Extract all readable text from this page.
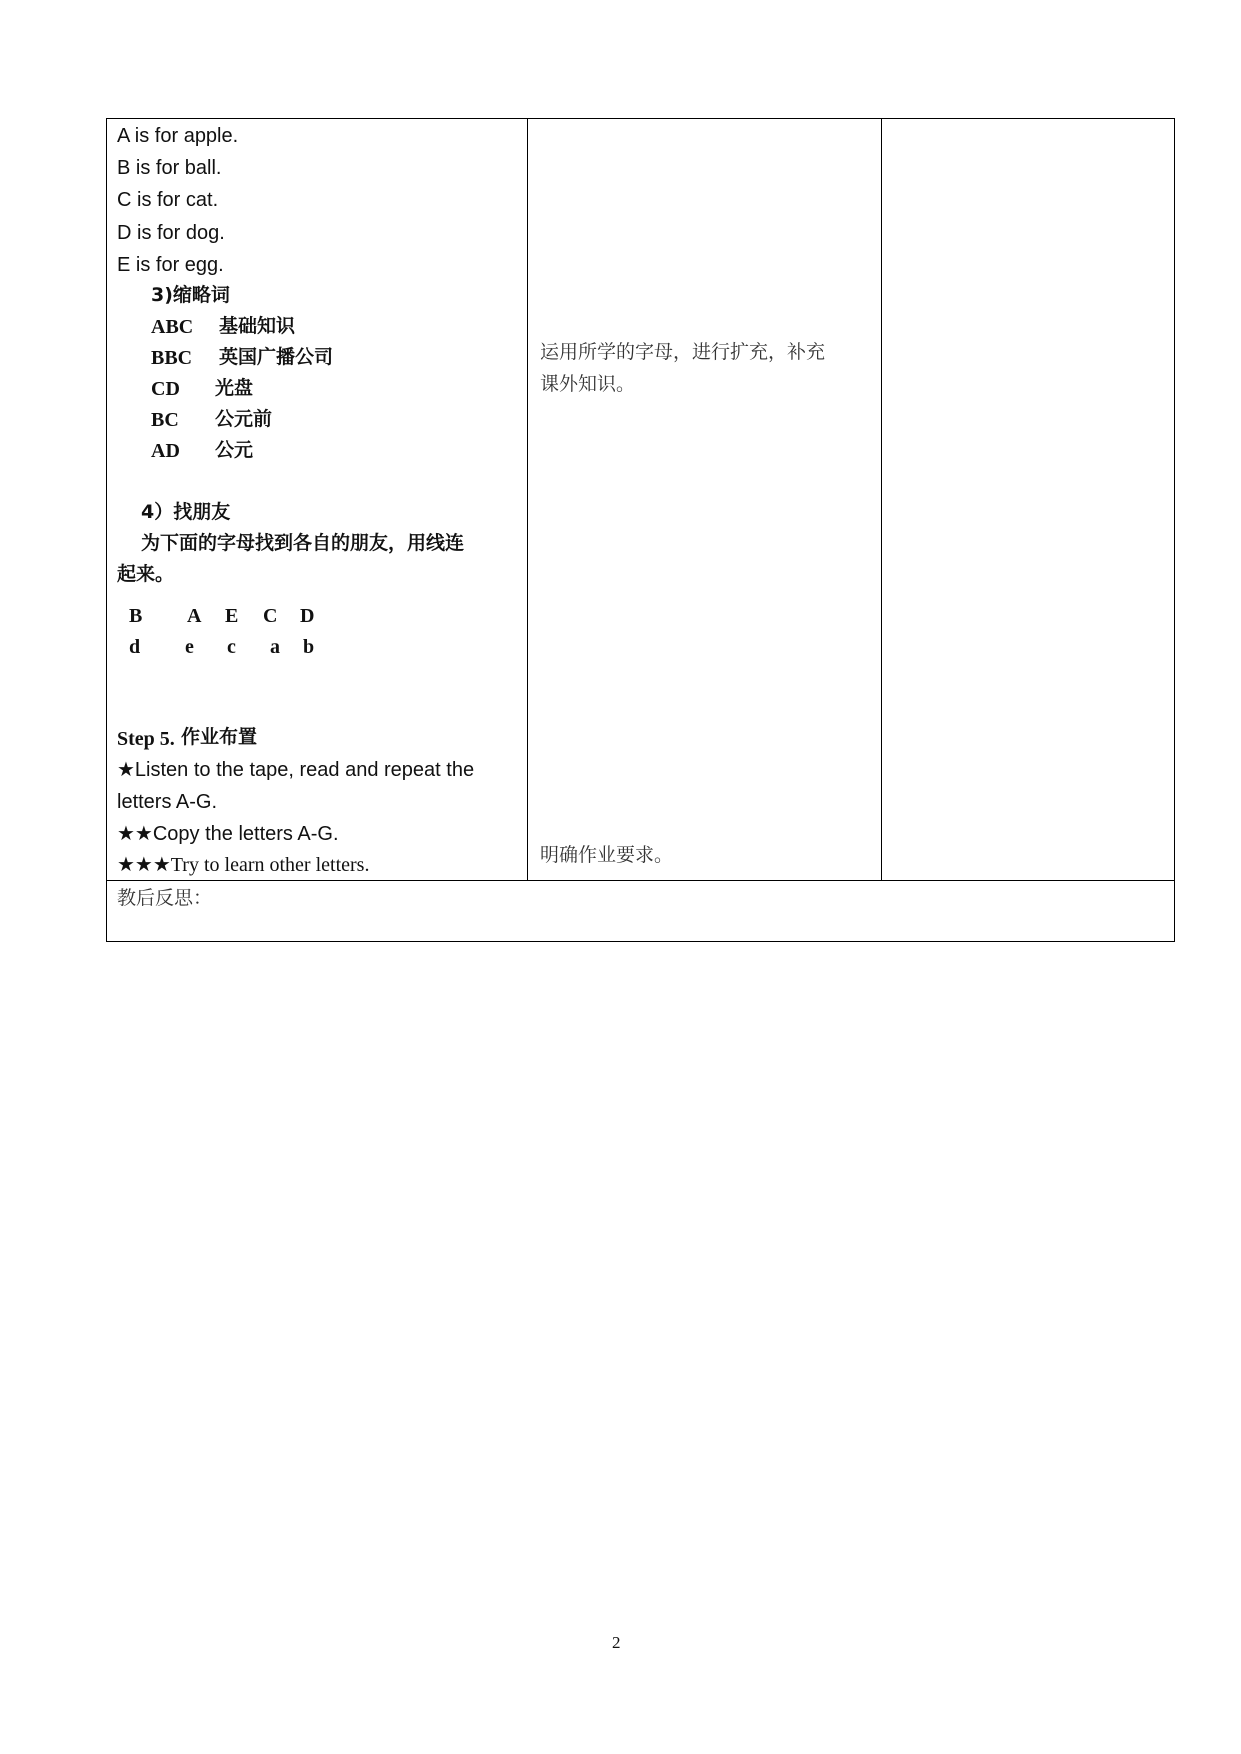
A is for apple.
B is for ball.
C is for cat.
D is for dog.
E is for egg.
3)缩略词
ABC 基础知识
BBC 英国广播公司
CD 光盘
BC 公元前
AD 公元
4）找朋友
为下面的字母找到各自的朋友，用线连
起来。
B A E C D
d e c a b
Step 5. 作业布置
★Listen to the tape, read and repeat the
letters A-G.
★★Copy the letters A-G.
★★★Try to learn other letters.
运用所学的字母，进行扩充，补充
课外知识。
明确作业要求。
教后反思：
2
